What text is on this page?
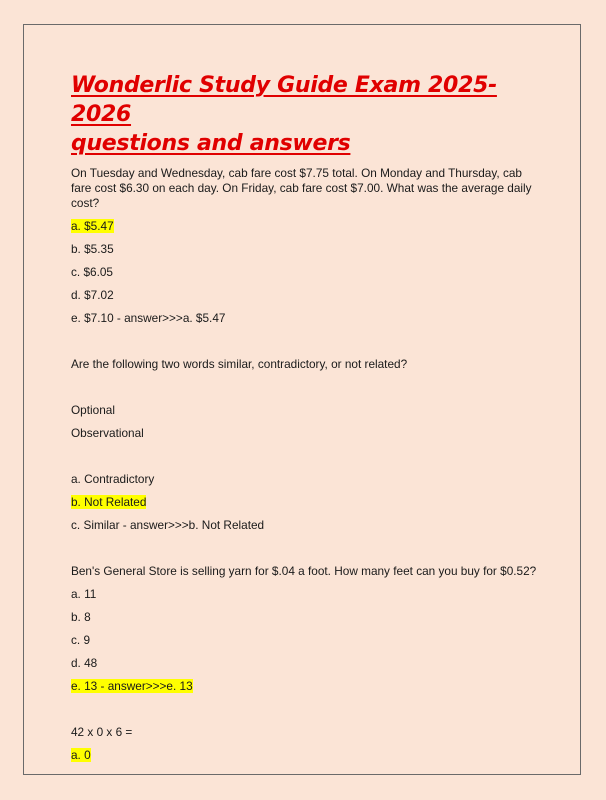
Wonderlic Study Guide Exam 2025-2026
questions and answers
On Tuesday and Wednesday, cab fare cost $7.75 total. On Monday and Thursday, cab fare cost $6.30 on each day. On Friday, cab fare cost $7.00. What was the average daily cost?
a. $5.47
b. $5.35
c. $6.05
d. $7.02
e. $7.10 - answer>>>a. $5.47
Are the following two words similar, contradictory, or not related?
Optional
Observational
a. Contradictory
b. Not Related
c. Similar - answer>>>b. Not Related
Ben's General Store is selling yarn for $.04 a foot. How many feet can you buy for $0.52?
a. 11
b. 8
c. 9
d. 48
e. 13 - answer>>>e. 13
42 x 0 x 6 =
a. 0
